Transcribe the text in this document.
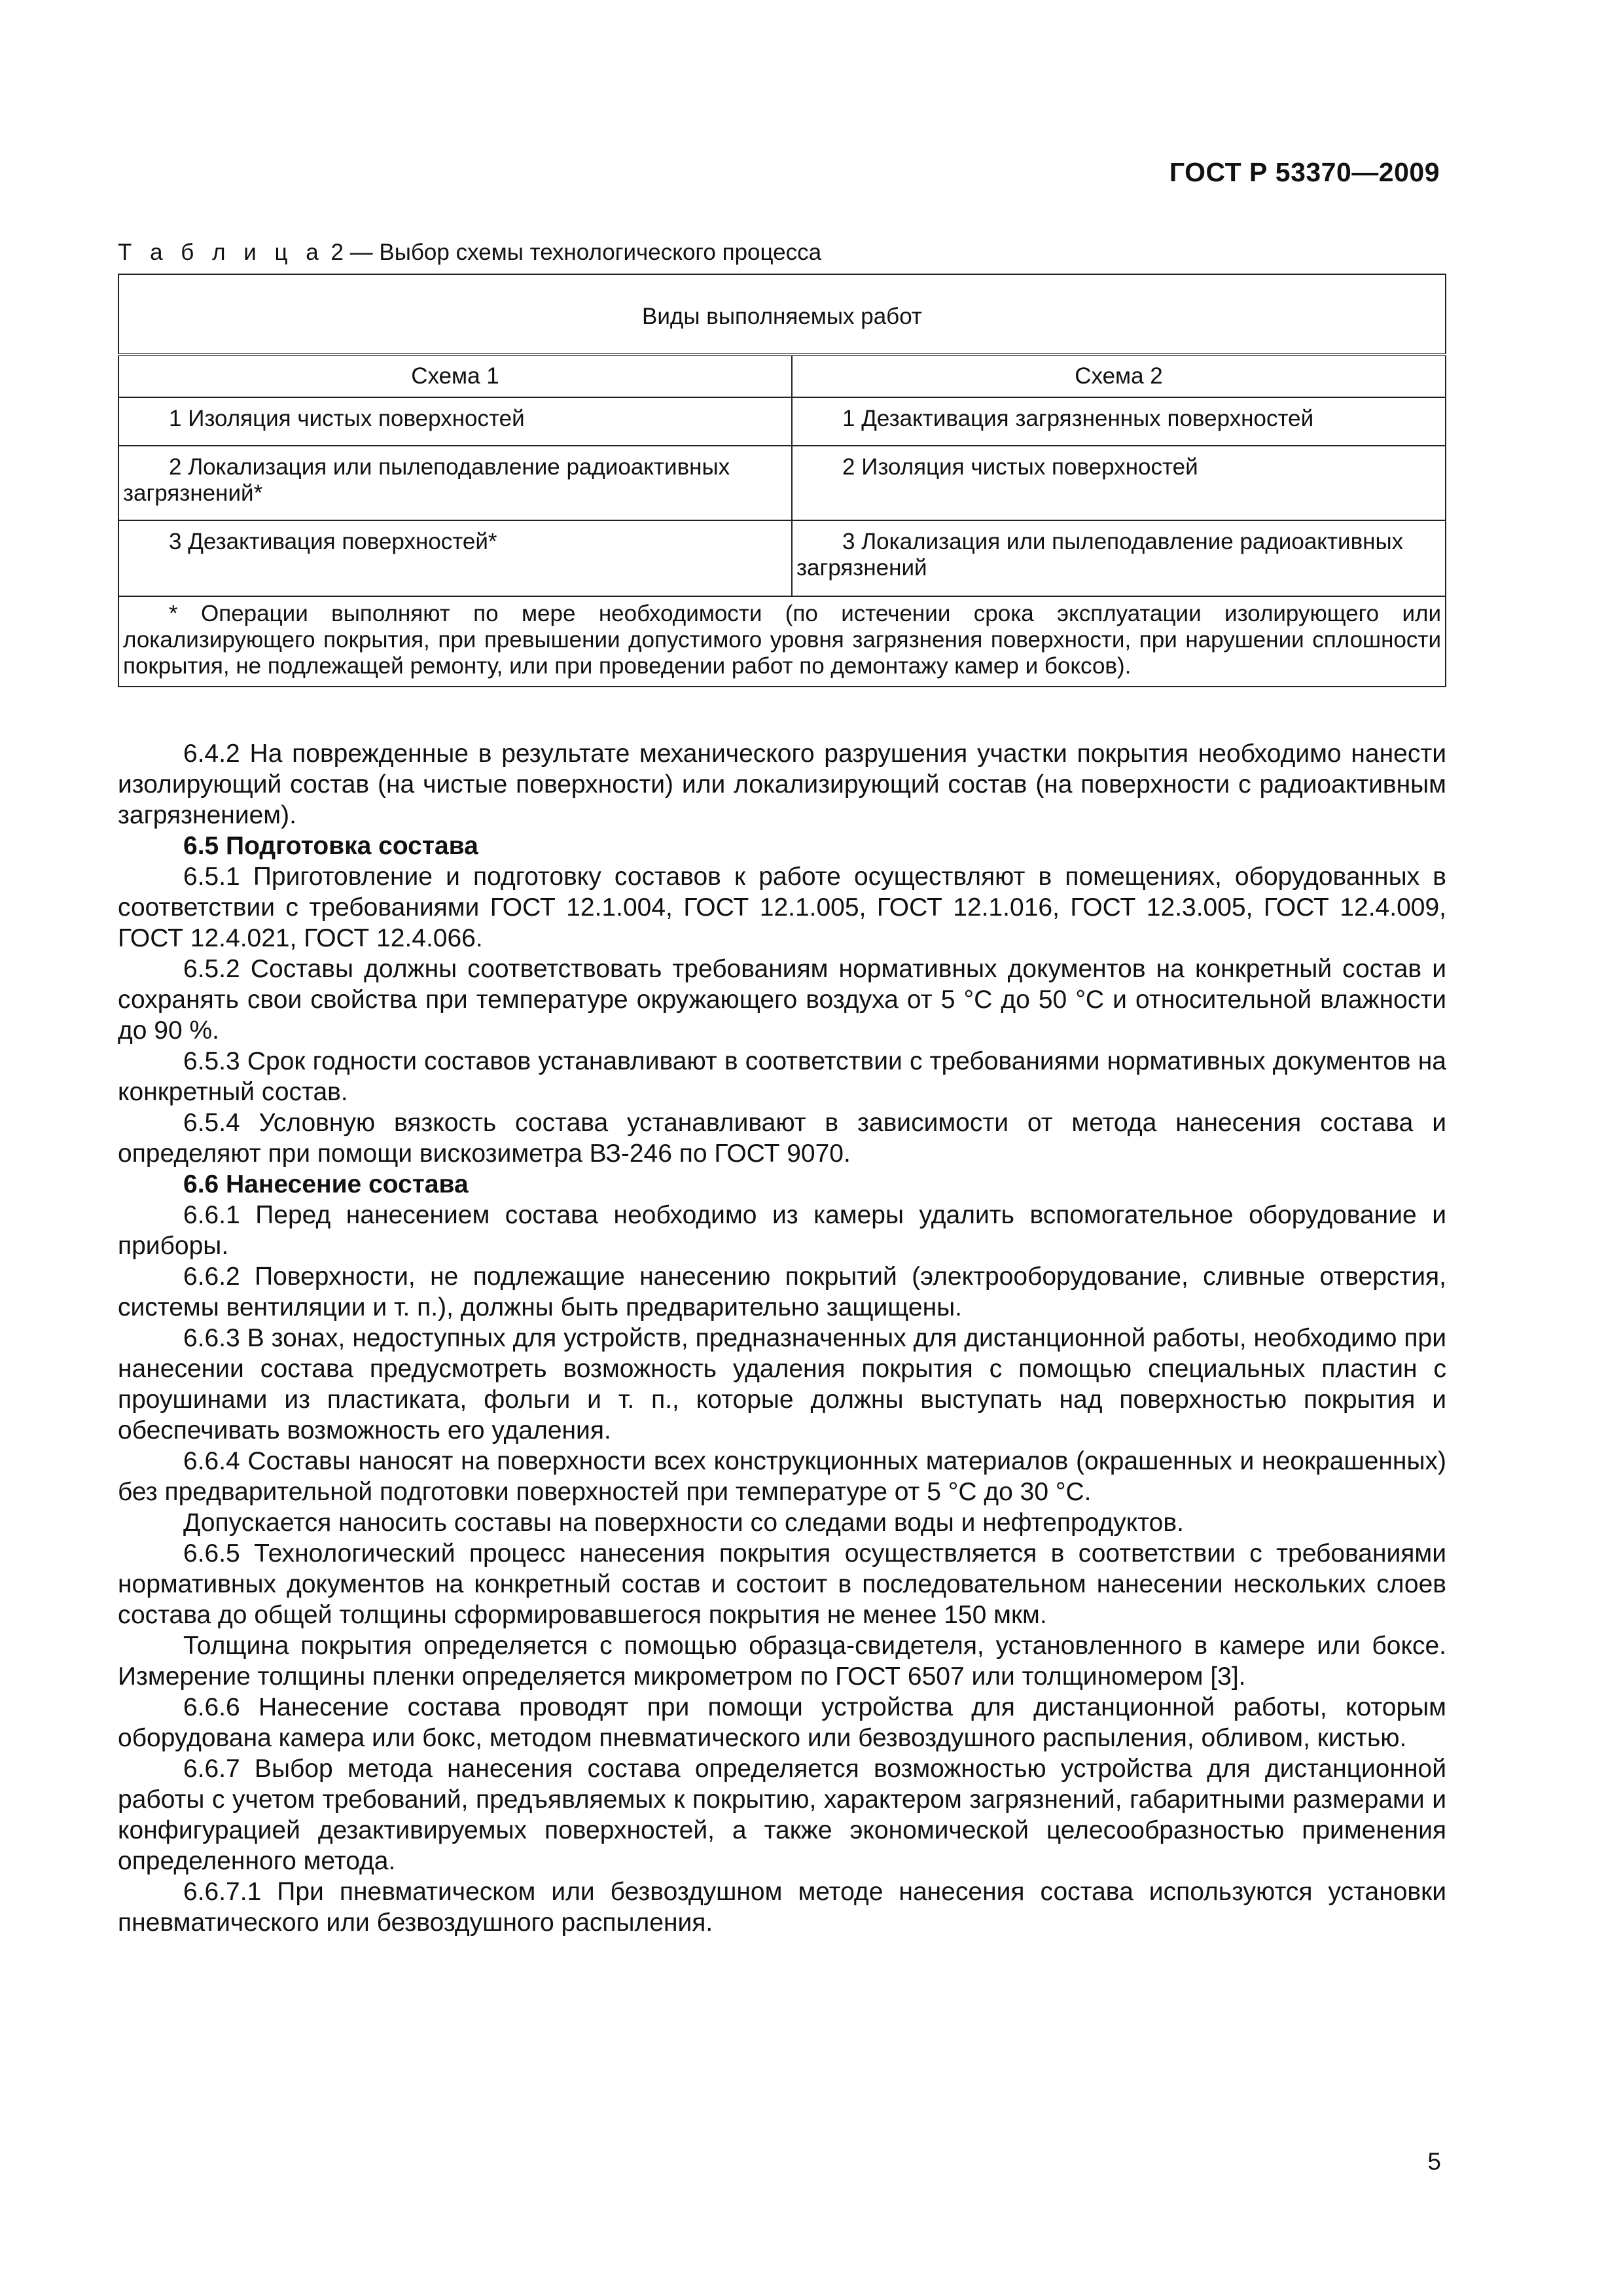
ГОСТ Р 53370—2009
Т а б л и ц а 2 — Выбор схемы технологического процесса
Виды выполняемых работ	
Схема 1	Схема 2
1 Изоляция чистых поверхностей	1 Дезактивация загрязненных поверхностей
2 Локализация или пылеподавление радиоактивных загрязнений*	2 Изоляция чистых поверхностей
3 Дезактивация поверхностей*	3 Локализация или пылеподавление радиоактивных загрязнений
* Операции выполняют по мере необходимости (по истечении срока эксплуатации изолирующего или локализирующего покрытия, при превышении допустимого уровня загрязнения поверхности, при нарушении сплошности покрытия, не подлежащей ремонту, или при проведении работ по демонтажу камер и боксов).	

6.4.2 На поврежденные в результате механического разрушения участки покрытия необходимо нанести изолирующий состав (на чистые поверхности) или локализирующий состав (на поверхности с радиоактивным загрязнением).

6.5 Подготовка состава

6.5.1 Приготовление и подготовку составов к работе осуществляют в помещениях, оборудованных в соответствии с требованиями ГОСТ 12.1.004, ГОСТ 12.1.005, ГОСТ 12.1.016, ГОСТ 12.3.005, ГОСТ 12.4.009, ГОСТ 12.4.021, ГОСТ 12.4.066.

6.5.2 Составы должны соответствовать требованиям нормативных документов на конкретный состав и сохранять свои свойства при температуре окружающего воздуха от 5 °С до 50 °С и относительной влажности до 90 %.

6.5.3 Срок годности составов устанавливают в соответствии с требованиями нормативных документов на конкретный состав.

6.5.4 Условную вязкость состава устанавливают в зависимости от метода нанесения состава и определяют при помощи вискозиметра ВЗ-246 по ГОСТ 9070.

6.6 Нанесение состава

6.6.1 Перед нанесением состава необходимо из камеры удалить вспомогательное оборудование и приборы.

6.6.2 Поверхности, не подлежащие нанесению покрытий (электрооборудование, сливные отверстия, системы вентиляции и т. п.), должны быть предварительно защищены.

6.6.3 В зонах, недоступных для устройств, предназначенных для дистанционной работы, необходимо при нанесении состава предусмотреть возможность удаления покрытия с помощью специальных пластин с проушинами из пластиката, фольги и т. п., которые должны выступать над поверхностью покрытия и обеспечивать возможность его удаления.

6.6.4 Составы наносят на поверхности всех конструкционных материалов (окрашенных и неокрашенных) без предварительной подготовки поверхностей при температуре от 5 °С до 30 °С.

Допускается наносить составы на поверхности со следами воды и нефтепродуктов.

6.6.5 Технологический процесс нанесения покрытия осуществляется в соответствии с требованиями нормативных документов на конкретный состав и состоит в последовательном нанесении нескольких слоев состава до общей толщины сформировавшегося покрытия не менее 150 мкм.

Толщина покрытия определяется с помощью образца-свидетеля, установленного в камере или боксе. Измерение толщины пленки определяется микрометром по ГОСТ 6507 или толщиномером [3].

6.6.6 Нанесение состава проводят при помощи устройства для дистанционной работы, которым оборудована камера или бокс, методом пневматического или безвоздушного распыления, обливом, кистью.

6.6.7 Выбор метода нанесения состава определяется возможностью устройства для дистанционной работы с учетом требований, предъявляемых к покрытию, характером загрязнений, габаритными размерами и конфигурацией дезактивируемых поверхностей, а также экономической целесообразностью применения определенного метода.

6.6.7.1 При пневматическом или безвоздушном методе нанесения состава используются установки пневматического или безвоздушного распыления.

5
